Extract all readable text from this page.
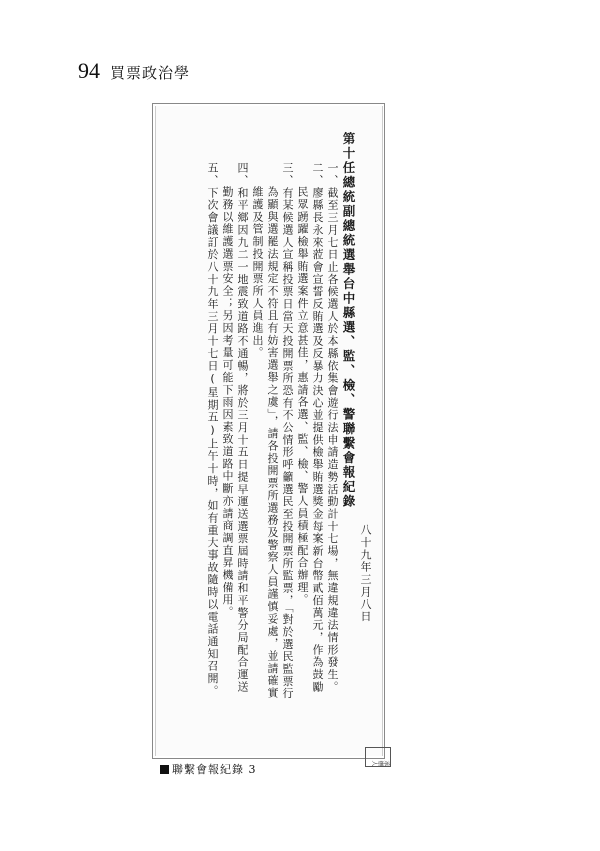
94 買票政治學
第十任總統副總統選舉台中縣選、監、檢、警聯繫會報紀錄
八十九年三月八日
一、截至三月七日止各候選人於本縣依集會遊行法申請造勢活動計十七場，無違規違法情形發生。
二、廖縣長永來蒞會宣誓反賄選及反暴力決心並提供檢舉賄選獎金每案新台幣貳佰萬元，作為鼓勵
民眾踴躍檢舉賄選案件立意甚佳，惠請各選、監、檢、警人員積極配合辦理。
三、有某候選人宣稱投票日當天投開票所恐有不公情形呼籲選民至投開票所監票，「對於選民監票行
為顯與選罷法規定不符且有妨害選舉之虞」，請各投開票所選務及警察人員謹慎妥處，並請確實
維護及管制投開票所人員進出。
四、和平鄉因九二一地震致道路不通暢，將於三月十五日提早運送選票屆時請和平警分局配合運送
勤務以維護選票安全；另因考量可能下雨因素致道路中斷亦請商調直昇機備用。
五、下次會議訂於八十九年三月十七日(星期五)上午十時，如有重大事故隨時以電話通知召開。
承辦人
聯繫會報紀錄 3
